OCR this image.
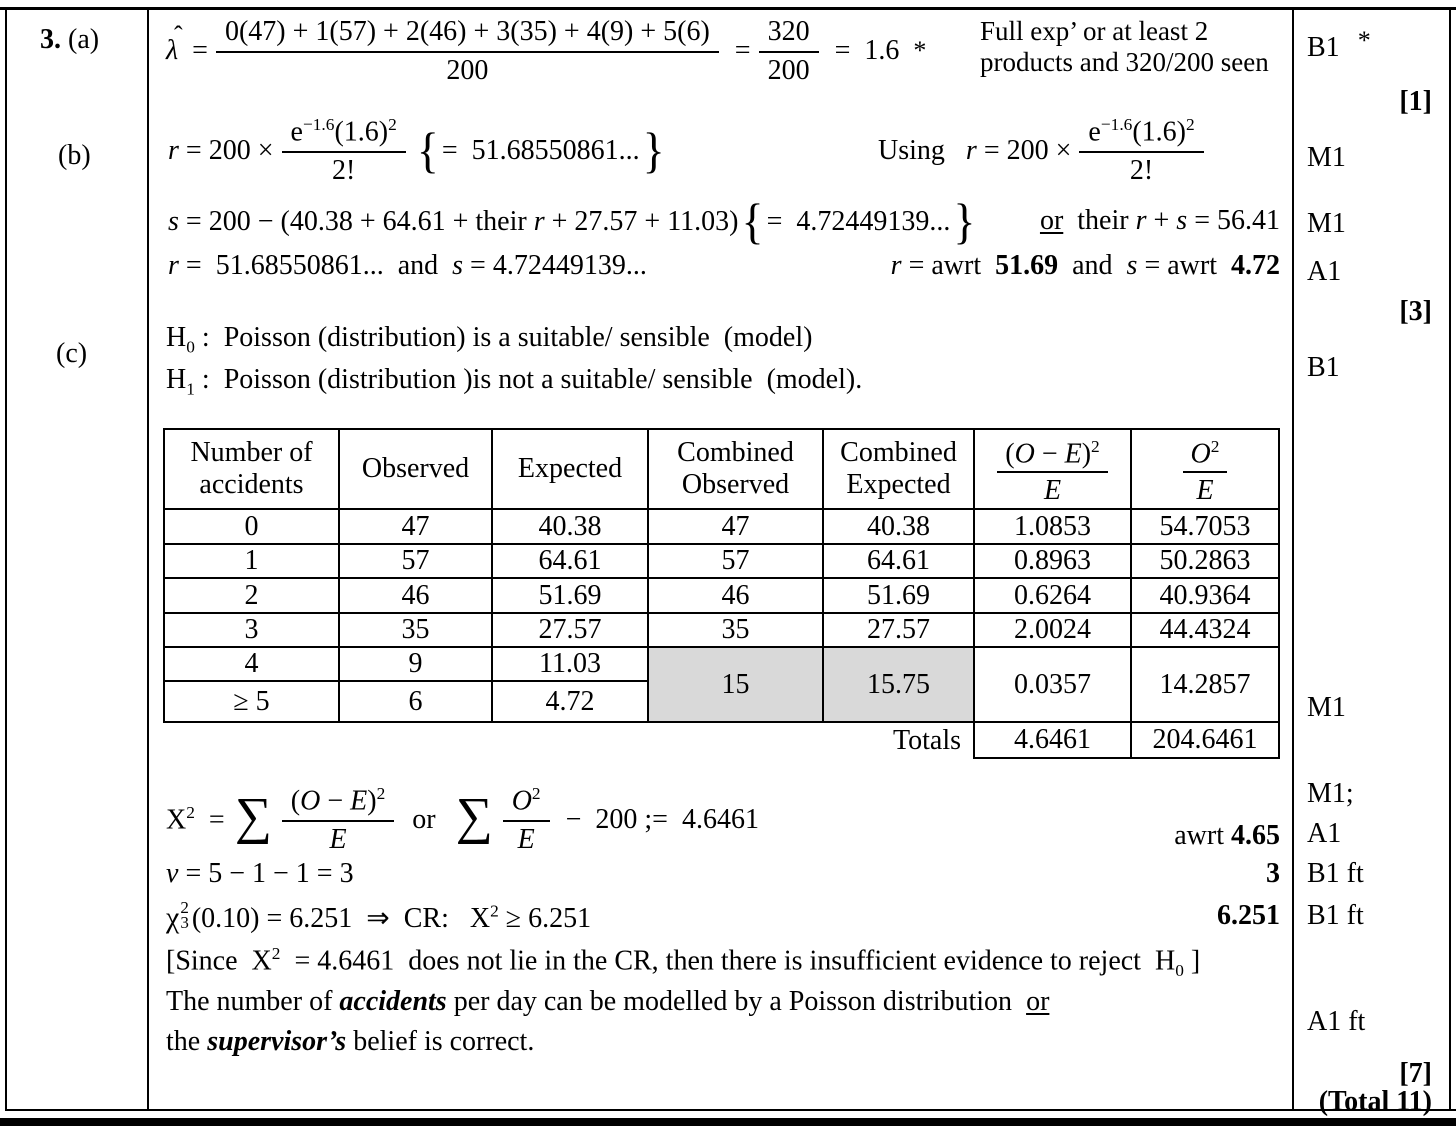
3. (a)
(b)
(c)
λ
ˆ = $\frac{0(47) + 1(57) + 2(46) + 3(35) + 4(9) + 5(6)}{200} = \frac{320}{200} = 1.6$ *
Full exp’ or at least 2
products and 320/200 seen B1 *
[1]
$r = 200 \times \frac{e^{-1.6}(1.6)^2}{2!}$ { =  51.68550861... }	Using   $r = 200 \times \frac{e^{-1.6}(1.6)^2}{2!}$	M1
s = 200 − (40.38 + 64.61 + their r + 27.57 + 11.03) { =  4.72449139... } or  their r + s = 56.41 M1
r =  51.68550861...  and  s = 4.72449139...	r = awrt  51.69  and  s = awrt  4.72 A1
[3]
$H_0$ :  Poisson (distribution) is a suitable/ sensible  (model)
$H_1$ :  Poisson (distribution )is not a suitable/ sensible  (model).	B1
Number of accidents	Observed	Expected	Combined Observed	Combined Expected	$\frac{(O - E)^2}{E}$	$\frac{O^2}{E}$

0	47	40.38	47	40.38	1.0853	54.7053
1	57	64.61	57	64.61	0.8963	50.2863
2	46	51.69	46	51.69	0.6264	40.9364
3	35	27.57	35	27.57	2.0024	44.4324
4	9	11.03	15	15.75	0.0357	14.2857
≥ 5	6	4.72				
				Totals	4.6461	204.6461
M1
$X^2$  = ∑ $\frac{(O - E)^2}{E}$ or ∑ $\frac{O^2}{E} - 200$ ;=  4.6461
awrt 4.65
M1;
A1
v = 5 − 1 − 1 = 3	3 B1 ft
χ 2
3 (0.10) = 6.251  ⇒  CR:   $X^2 \ge 6.251$	6.251 B1 ft
[Since  $X^2 = 4.6461$  does not lie in the CR, then there is insufficient evidence to reject  $H_0$ ]
The number of accidents per day can be modelled by a Poisson distribution  or
the supervisor’s belief is correct.
A1 ft
[7]
(Total 11)
